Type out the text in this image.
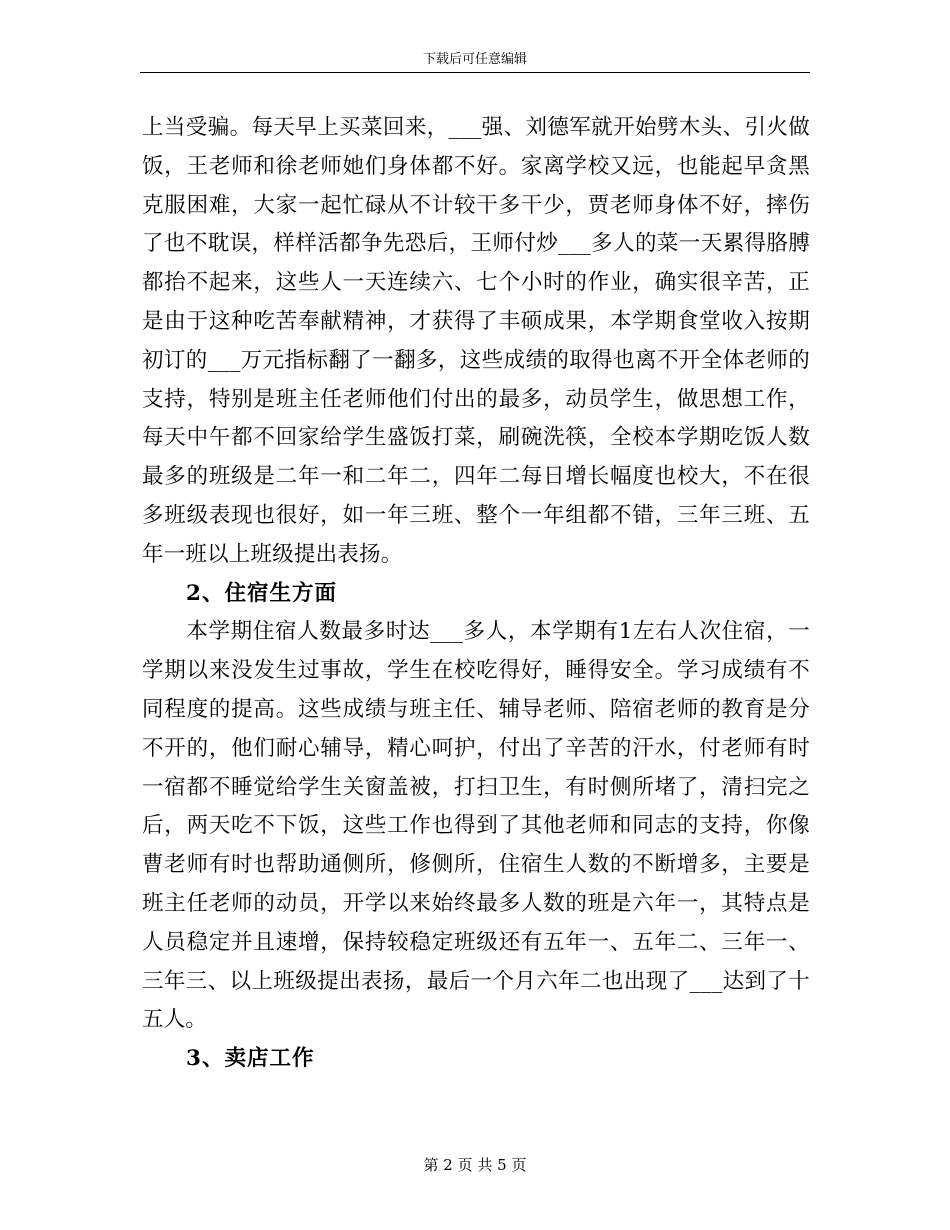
下载后可任意编辑
上当受骗。每天早上买菜回来，___强、刘德军就开始劈木头、引火做
饭，王老师和徐老师她们身体都不好。家离学校又远，也能起早贪黑
克服困难，大家一起忙碌从不计较干多干少，贾老师身体不好，摔伤
了也不耽误，样样活都争先恐后，王师付炒___多人的菜一天累得胳膊
都抬不起来，这些人一天连续六、七个小时的作业，确实很辛苦，正
是由于这种吃苦奉献精神，才获得了丰硕成果，本学期食堂收入按期
初订的___万元指标翻了一翻多，这些成绩的取得也离不开全体老师的
支持，特别是班主任老师他们付出的最多，动员学生，做思想工作，
每天中午都不回家给学生盛饭打菜，刷碗洗筷，全校本学期吃饭人数
最多的班级是二年一和二年二，四年二每日增长幅度也校大，不在很
多班级表现也很好，如一年三班、整个一年组都不错，三年三班、五
年一班以上班级提出表扬。
2、住宿生方面
　　本学期住宿人数最多时达___多人，本学期有1左右人次住宿，一
学期以来没发生过事故，学生在校吃得好，睡得安全。学习成绩有不
同程度的提高。这些成绩与班主任、辅导老师、陪宿老师的教育是分
不开的，他们耐心辅导，精心呵护，付出了辛苦的汗水，付老师有时
一宿都不睡觉给学生关窗盖被，打扫卫生，有时侧所堵了，清扫完之
后，两天吃不下饭，这些工作也得到了其他老师和同志的支持，你像
曹老师有时也帮助通侧所，修侧所，住宿生人数的不断增多，主要是
班主任老师的动员，开学以来始终最多人数的班是六年一，其特点是
人员稳定并且速增，保持较稳定班级还有五年一、五年二、三年一、
三年三、以上班级提出表扬，最后一个月六年二也出现了___达到了十
五人。
3、卖店工作
第 2 页 共 5 页
